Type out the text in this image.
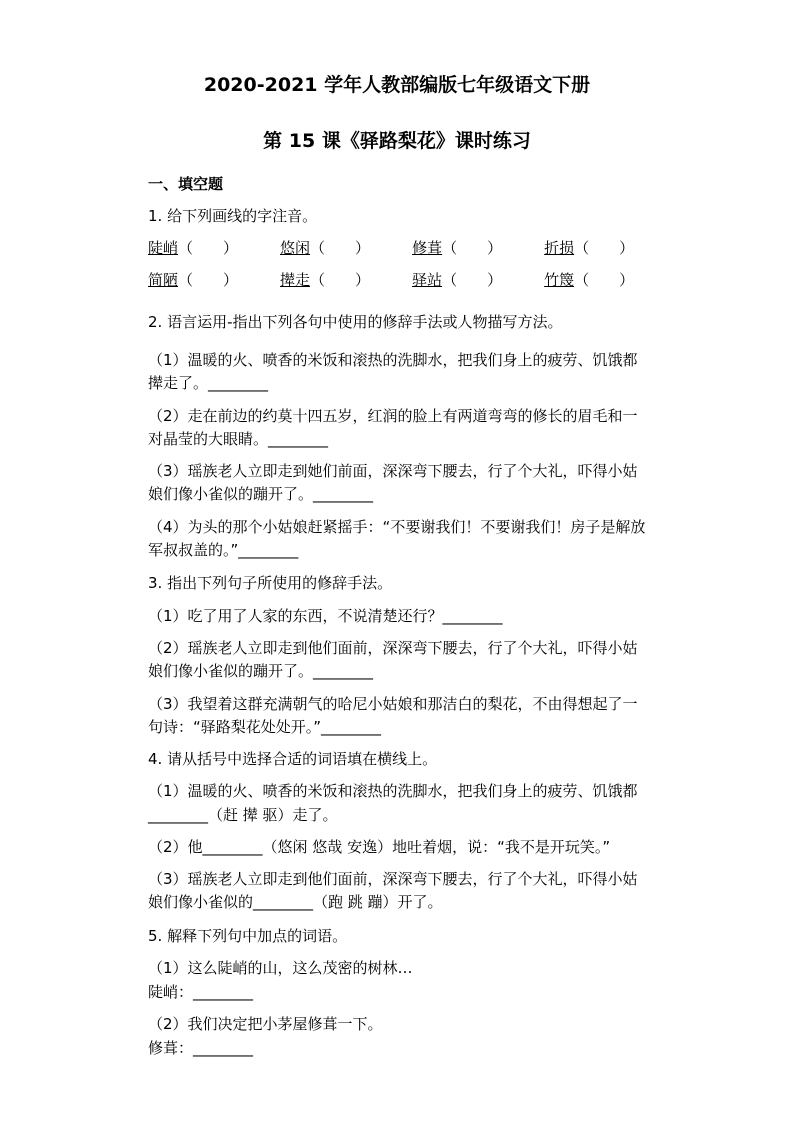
2020-2021 学年人教部编版七年级语文下册
第 15 课《驿路梨花》课时练习
一、填空题
1. 给下列画线的字注音。
陡峭（　　）	悠闲（　　）	修葺（　　）	折损（　　）
简陋（　　）	撵走（　　）	驿站（　　）	竹篾（　　）
2. 语言运用-指出下列各句中使用的修辞手法或人物描写方法。
（1）温暖的火、喷香的米饭和滚热的洗脚水，把我们身上的疲劳、饥饿都
撵走了。________
（2）走在前边的约莫十四五岁，红润的脸上有两道弯弯的修长的眉毛和一
对晶莹的大眼睛。________
（3）瑶族老人立即走到她们前面，深深弯下腰去，行了个大礼，吓得小姑
娘们像小雀似的蹦开了。________
（4）为头的那个小姑娘赶紧摇手：“不要谢我们！不要谢我们！房子是解放
军叔叔盖的。”________
3. 指出下列句子所使用的修辞手法。
（1）吃了用了人家的东西，不说清楚还行？________
（2）瑶族老人立即走到他们面前，深深弯下腰去，行了个大礼，吓得小姑
娘们像小雀似的蹦开了。________
（3）我望着这群充满朝气的哈尼小姑娘和那洁白的梨花，不由得想起了一
句诗：“驿路梨花处处开。”________
4. 请从括号中选择合适的词语填在横线上。
（1）温暖的火、喷香的米饭和滚热的洗脚水，把我们身上的疲劳、饥饿都
________（赶 撵 驱）走了。
（2）他________（悠闲 悠哉 安逸）地吐着烟，说：“我不是开玩笑。”
（3）瑶族老人立即走到他们面前，深深弯下腰去，行了个大礼，吓得小姑
娘们像小雀似的________（跑 跳 蹦）开了。
5. 解释下列句中加点的词语。
（1）这么陡峭的山，这么茂密的树林…
陡峭：________
（2）我们决定把小茅屋修葺一下。
修葺：________
